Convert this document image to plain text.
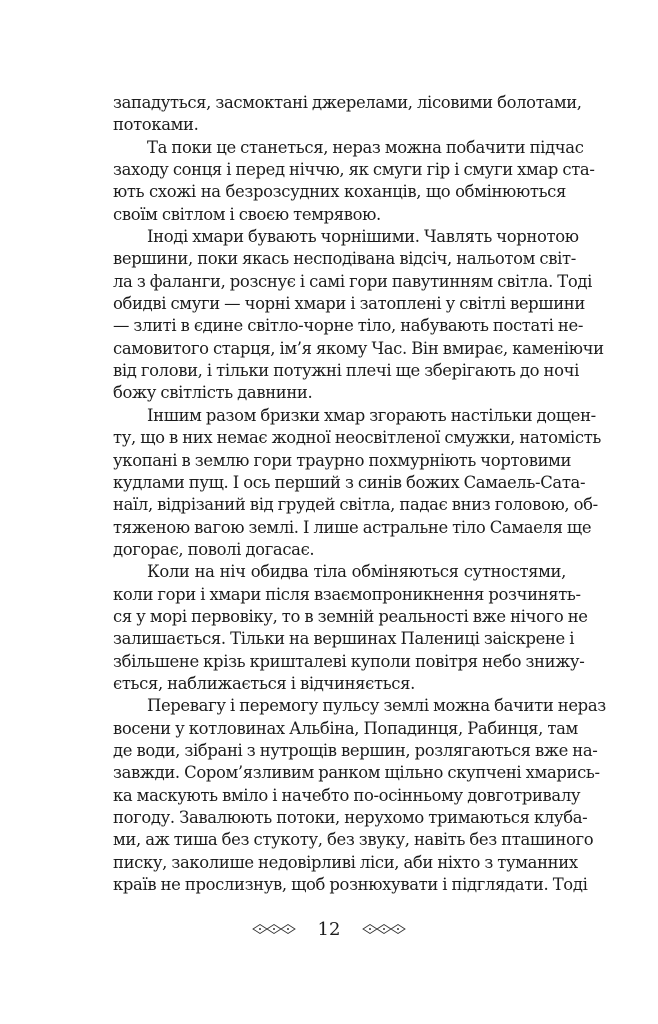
западуться, засмоктані джерелами, лісовими болотами,
потоками.
Та поки це станеться, нераз можна побачити підчас
заходу сонця і перед ніччю, як смуги гір і смуги хмар ста-
ють схожі на безрозсудних коханців, що обмінюються
своїм світлом і своєю темрявою.
Іноді хмари бувають чорнішими. Чавлять чорнотою
вершини, поки якась несподівана відсіч, нальотом світ-
ла з фаланги, розснує і самі гори павутинням світла. Тоді
обидві смуги — чорні хмари і затоплені у світлі вершини
— злиті в єдине світло-чорне тіло, набувають постаті не-
самовитого старця, ім’я якому Час. Він вмирає, каменіючи
від голови, і тільки потужні плечі ще зберігають до ночі
божу світлість давнини.
Іншим разом бризки хмар згорають настільки дощен-
ту, що в них немає жодної неосвітленої смужки, натомість
укопані в землю гори траурно похмурніють чортовими
кудлами пущ. І ось перший з синів божих Самаель-Сата-
наїл, відрізаний від грудей світла, падає вниз головою, об-
тяженою вагою землі. І лише астральне тіло Самаеля ще
догорає, поволі догасає.
Коли на ніч обидва тіла обміняються сутностями,
коли гори і хмари після взаємопроникнення розчинять-
ся у морі первовіку, то в земній реальності вже нічого не
залишається. Тільки на вершинах Палениці заіскрене і
збільшене крізь кришталеві куполи повітря небо знижу-
ється, наближається і відчиняється.
Перевагу і перемогу пульсу землі можна бачити нераз
восени у котловинах Альбіна, Попадинця, Рабинця, там
де води, зібрані з нутрощів вершин, розлягаються вже на-
завжди. Сором’язливим ранком щільно скупчені хмарись-
ка маскують вміло і начебто по-осінньому довготривалу
погоду. Завалюють потоки, нерухомо тримаються клуба-
ми, аж тиша без стукоту, без звуку, навіть без пташиного
писку, заколише недовірливі ліси, аби ніхто з туманних
країв не прослизнув, щоб рознюхувати і підглядати. Тоді
12
